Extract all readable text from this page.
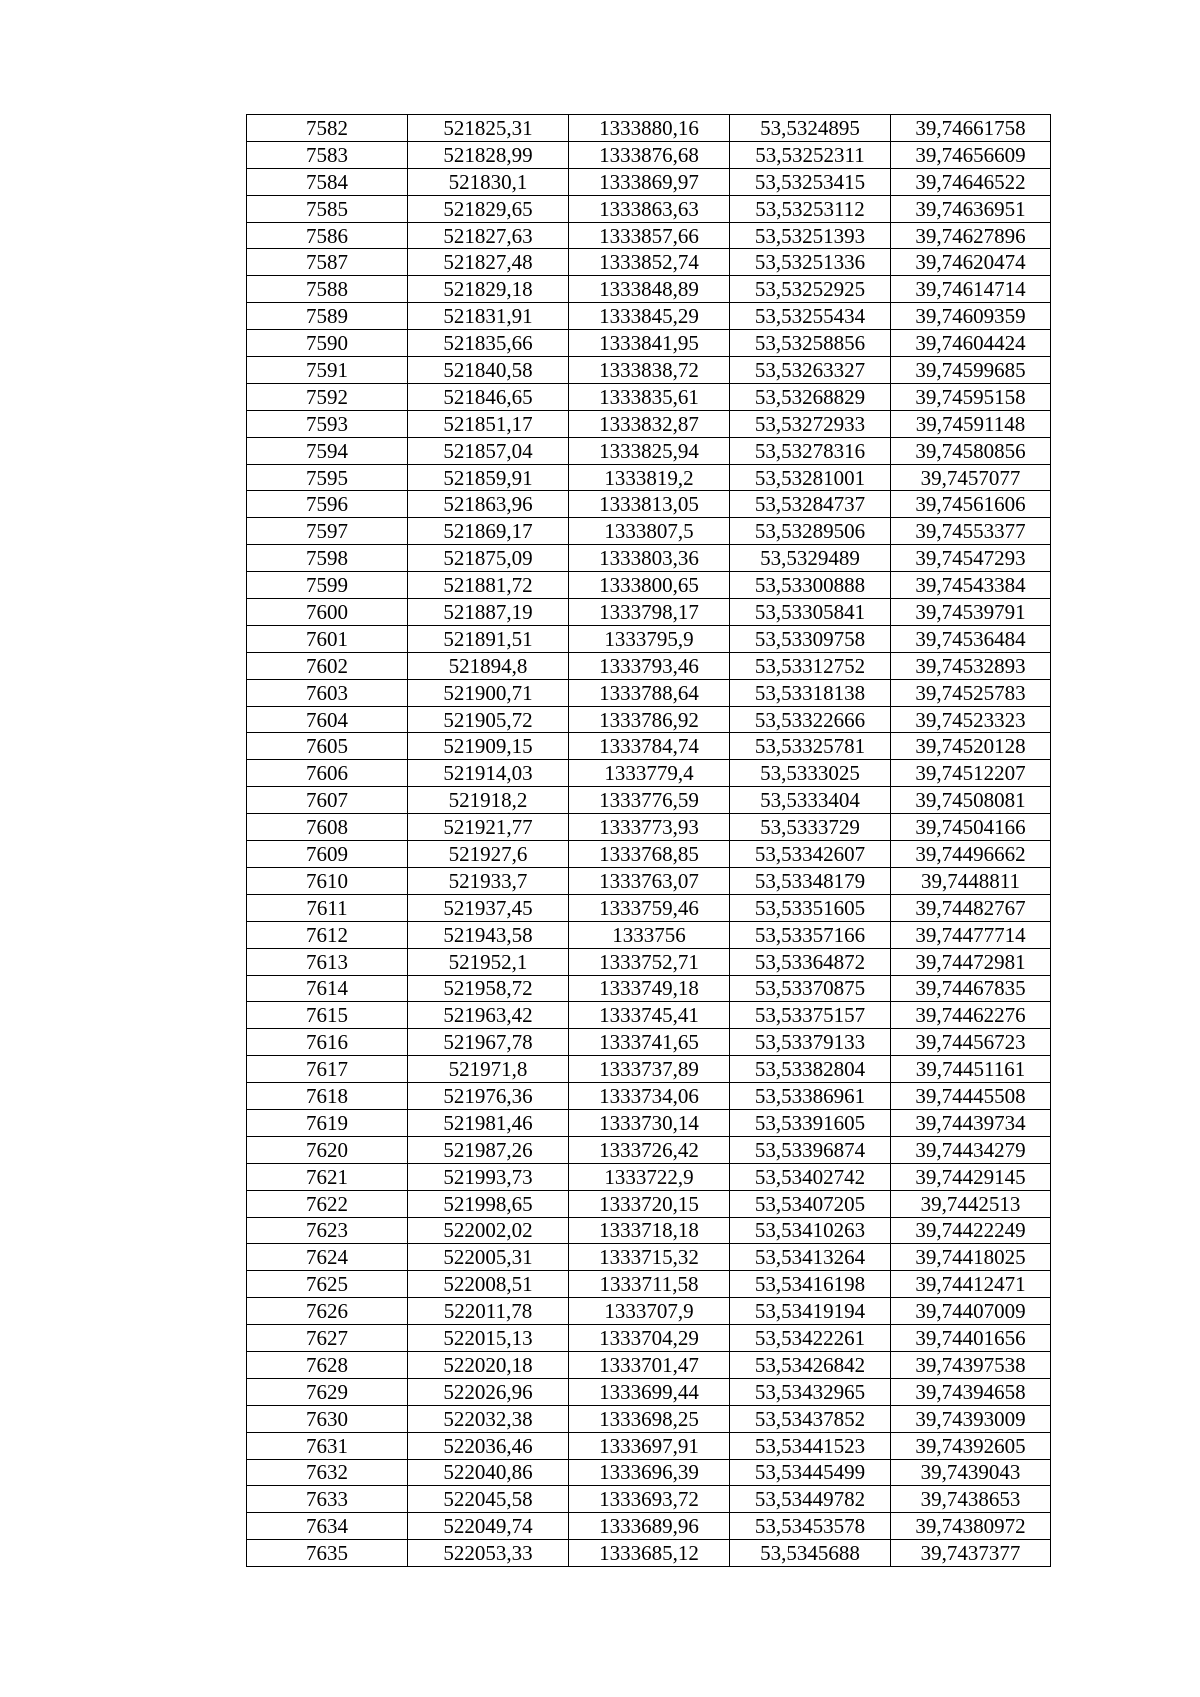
7582	521825,31	1333880,16	53,5324895	39,74661758
7583	521828,99	1333876,68	53,53252311	39,74656609
7584	521830,1	1333869,97	53,53253415	39,74646522
7585	521829,65	1333863,63	53,53253112	39,74636951
7586	521827,63	1333857,66	53,53251393	39,74627896
7587	521827,48	1333852,74	53,53251336	39,74620474
7588	521829,18	1333848,89	53,53252925	39,74614714
7589	521831,91	1333845,29	53,53255434	39,74609359
7590	521835,66	1333841,95	53,53258856	39,74604424
7591	521840,58	1333838,72	53,53263327	39,74599685
7592	521846,65	1333835,61	53,53268829	39,74595158
7593	521851,17	1333832,87	53,53272933	39,74591148
7594	521857,04	1333825,94	53,53278316	39,74580856
7595	521859,91	1333819,2	53,53281001	39,7457077
7596	521863,96	1333813,05	53,53284737	39,74561606
7597	521869,17	1333807,5	53,53289506	39,74553377
7598	521875,09	1333803,36	53,5329489	39,74547293
7599	521881,72	1333800,65	53,53300888	39,74543384
7600	521887,19	1333798,17	53,53305841	39,74539791
7601	521891,51	1333795,9	53,53309758	39,74536484
7602	521894,8	1333793,46	53,53312752	39,74532893
7603	521900,71	1333788,64	53,53318138	39,74525783
7604	521905,72	1333786,92	53,53322666	39,74523323
7605	521909,15	1333784,74	53,53325781	39,74520128
7606	521914,03	1333779,4	53,5333025	39,74512207
7607	521918,2	1333776,59	53,5333404	39,74508081
7608	521921,77	1333773,93	53,5333729	39,74504166
7609	521927,6	1333768,85	53,53342607	39,74496662
7610	521933,7	1333763,07	53,53348179	39,7448811
7611	521937,45	1333759,46	53,53351605	39,74482767
7612	521943,58	1333756	53,53357166	39,74477714
7613	521952,1	1333752,71	53,53364872	39,74472981
7614	521958,72	1333749,18	53,53370875	39,74467835
7615	521963,42	1333745,41	53,53375157	39,74462276
7616	521967,78	1333741,65	53,53379133	39,74456723
7617	521971,8	1333737,89	53,53382804	39,74451161
7618	521976,36	1333734,06	53,53386961	39,74445508
7619	521981,46	1333730,14	53,53391605	39,74439734
7620	521987,26	1333726,42	53,53396874	39,74434279
7621	521993,73	1333722,9	53,53402742	39,74429145
7622	521998,65	1333720,15	53,53407205	39,7442513
7623	522002,02	1333718,18	53,53410263	39,74422249
7624	522005,31	1333715,32	53,53413264	39,74418025
7625	522008,51	1333711,58	53,53416198	39,74412471
7626	522011,78	1333707,9	53,53419194	39,74407009
7627	522015,13	1333704,29	53,53422261	39,74401656
7628	522020,18	1333701,47	53,53426842	39,74397538
7629	522026,96	1333699,44	53,53432965	39,74394658
7630	522032,38	1333698,25	53,53437852	39,74393009
7631	522036,46	1333697,91	53,53441523	39,74392605
7632	522040,86	1333696,39	53,53445499	39,7439043
7633	522045,58	1333693,72	53,53449782	39,7438653
7634	522049,74	1333689,96	53,53453578	39,74380972
7635	522053,33	1333685,12	53,5345688	39,7437377
